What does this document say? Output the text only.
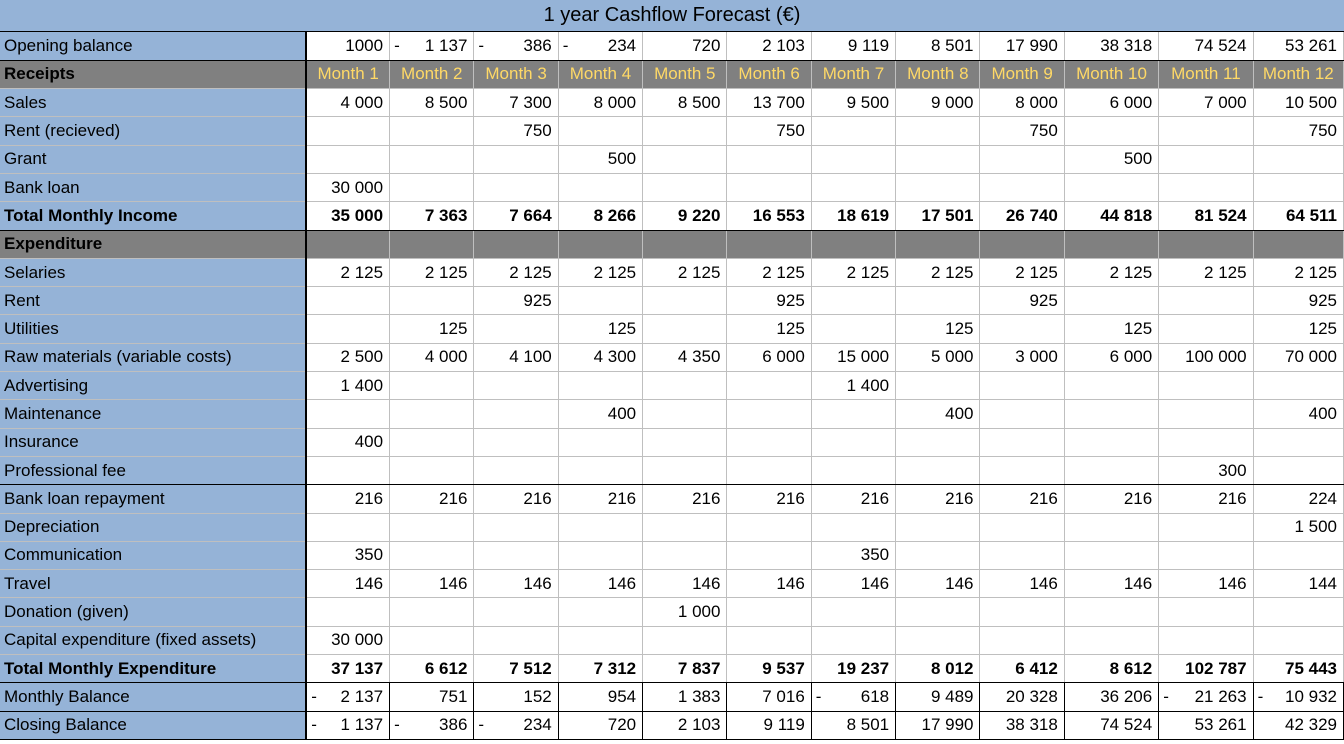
1 year Cashflow Forecast (€)
Opening balance	1000	- 1 137	- 386	- 234	720	2 103	9 119	8 501	17 990	38 318	74 524	53 261
Receipts	Month 1	Month 2	Month 3	Month 4	Month 5	Month 6	Month 7	Month 8	Month 9	Month 10	Month 11	Month 12
Sales	4 000	8 500	7 300	8 000	8 500	13 700	9 500	9 000	8 000	6 000	7 000	10 500
Rent (recieved)			750			750			750			750
Grant				500						500		
Bank loan	30 000											
Total Monthly Income	35 000	7 363	7 664	8 266	9 220	16 553	18 619	17 501	26 740	44 818	81 524	64 511
Expenditure												
Selaries	2 125	2 125	2 125	2 125	2 125	2 125	2 125	2 125	2 125	2 125	2 125	2 125
Rent			925			925			925			925
Utilities		125		125		125		125		125		125
Raw materials (variable costs)	2 500	4 000	4 100	4 300	4 350	6 000	15 000	5 000	3 000	6 000	100 000	70 000
Advertising	1 400						1 400					
Maintenance				400				400				400
Insurance	400											
Professional fee											300	
Bank loan repayment	216	216	216	216	216	216	216	216	216	216	216	224
Depreciation												1 500
Communication	350						350					
Travel	146	146	146	146	146	146	146	146	146	146	146	144
Donation (given)					1 000							
Capital expenditure (fixed assets)	30 000											
Total Monthly Expenditure	37 137	6 612	7 512	7 312	7 837	9 537	19 237	8 012	6 412	8 612	102 787	75 443
Monthly Balance	- 2 137	751	152	954	1 383	7 016	- 618	9 489	20 328	36 206	- 21 263	- 10 932

Closing Balance	- 1 137	- 386	- 234	720	2 103	9 119	8 501	17 990	38 318	74 524	53 261	42 329
